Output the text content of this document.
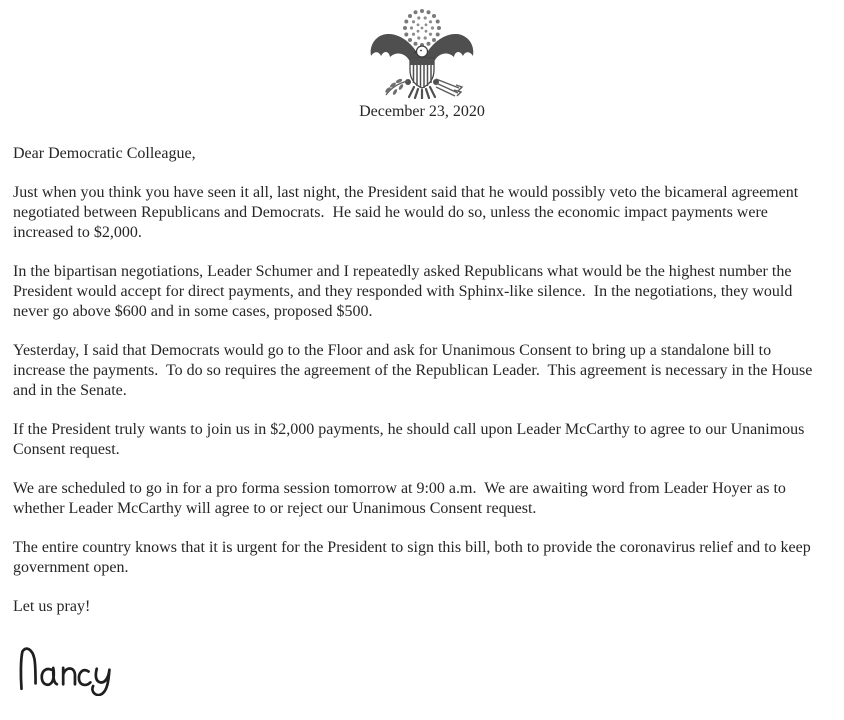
December 23, 2020

Dear Democratic Colleague,

Just when you think you have seen it all, last night, the President said that he would possibly veto the bicameral agreement
negotiated between Republicans and Democrats.  He said he would do so, unless the economic impact payments were
increased to $2,000.
In the bipartisan negotiations, Leader Schumer and I repeatedly asked Republicans what would be the highest number the
President would accept for direct payments, and they responded with Sphinx-like silence.  In the negotiations, they would
never go above $600 and in some cases, proposed $500.
Yesterday, I said that Democrats would go to the Floor and ask for Unanimous Consent to bring up a standalone bill to
increase the payments.  To do so requires the agreement of the Republican Leader.  This agreement is necessary in the House
and in the Senate.
If the President truly wants to join us in $2,000 payments, he should call upon Leader McCarthy to agree to our Unanimous
Consent request.
We are scheduled to go in for a pro forma session tomorrow at 9:00 a.m.  We are awaiting word from Leader Hoyer as to
whether Leader McCarthy will agree to or reject our Unanimous Consent request.
The entire country knows that it is urgent for the President to sign this bill, both to provide the coronavirus relief and to keep
government open.

Let us pray!
